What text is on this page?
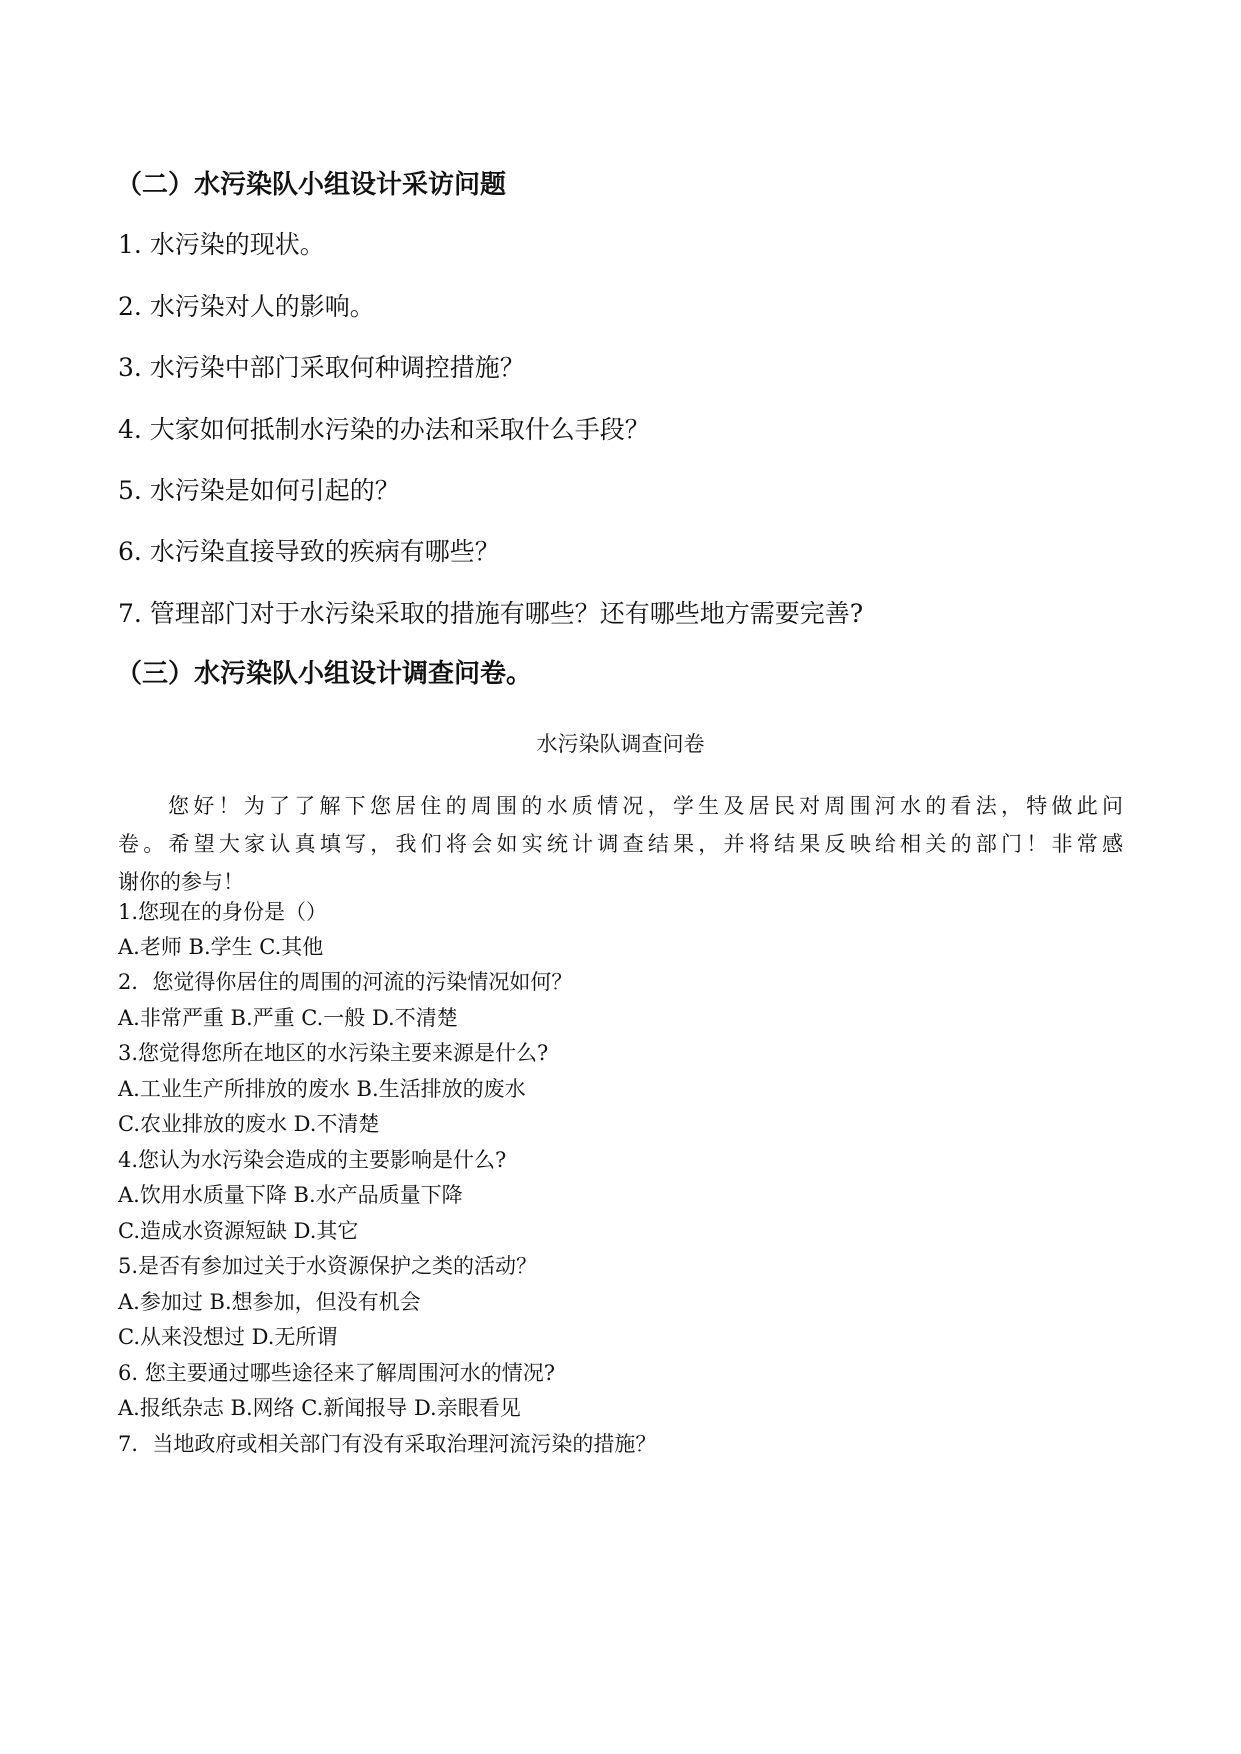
（二）水污染队小组设计采访问题
1. 水污染的现状。
2. 水污染对人的影响。
3. 水污染中部门采取何种调控措施？
4. 大家如何抵制水污染的办法和采取什么手段？
5. 水污染是如何引起的？
6. 水污染直接导致的疾病有哪些？
7. 管理部门对于水污染采取的措施有哪些？还有哪些地方需要完善?
（三）水污染队小组设计调查问卷。
水污染队调查问卷
您好！为了了解下您居住的周围的水质情况，学生及居民对周围河水的看法，特做此问
卷。希望大家认真填写，我们将会如实统计调查结果，并将结果反映给相关的部门！非常感
谢你的参与！
1.您现在的身份是（）
A.老师 B.学生 C.其他
2．您觉得你居住的周围的河流的污染情况如何？
A.非常严重 B.严重 C.一般 D.不清楚
3.您觉得您所在地区的水污染主要来源是什么?
A.工业生产所排放的废水 B.生活排放的废水
C.农业排放的废水 D.不清楚
4.您认为水污染会造成的主要影响是什么?
A.饮用水质量下降 B.水产品质量下降
C.造成水资源短缺 D.其它
5.是否有参加过关于水资源保护之类的活动？
A.参加过 B.想参加，但没有机会
C.从来没想过 D.无所谓
6. 您主要通过哪些途径来了解周围河水的情况?
A.报纸杂志 B.网络 C.新闻报导 D.亲眼看见
7．当地政府或相关部门有没有采取治理河流污染的措施？
